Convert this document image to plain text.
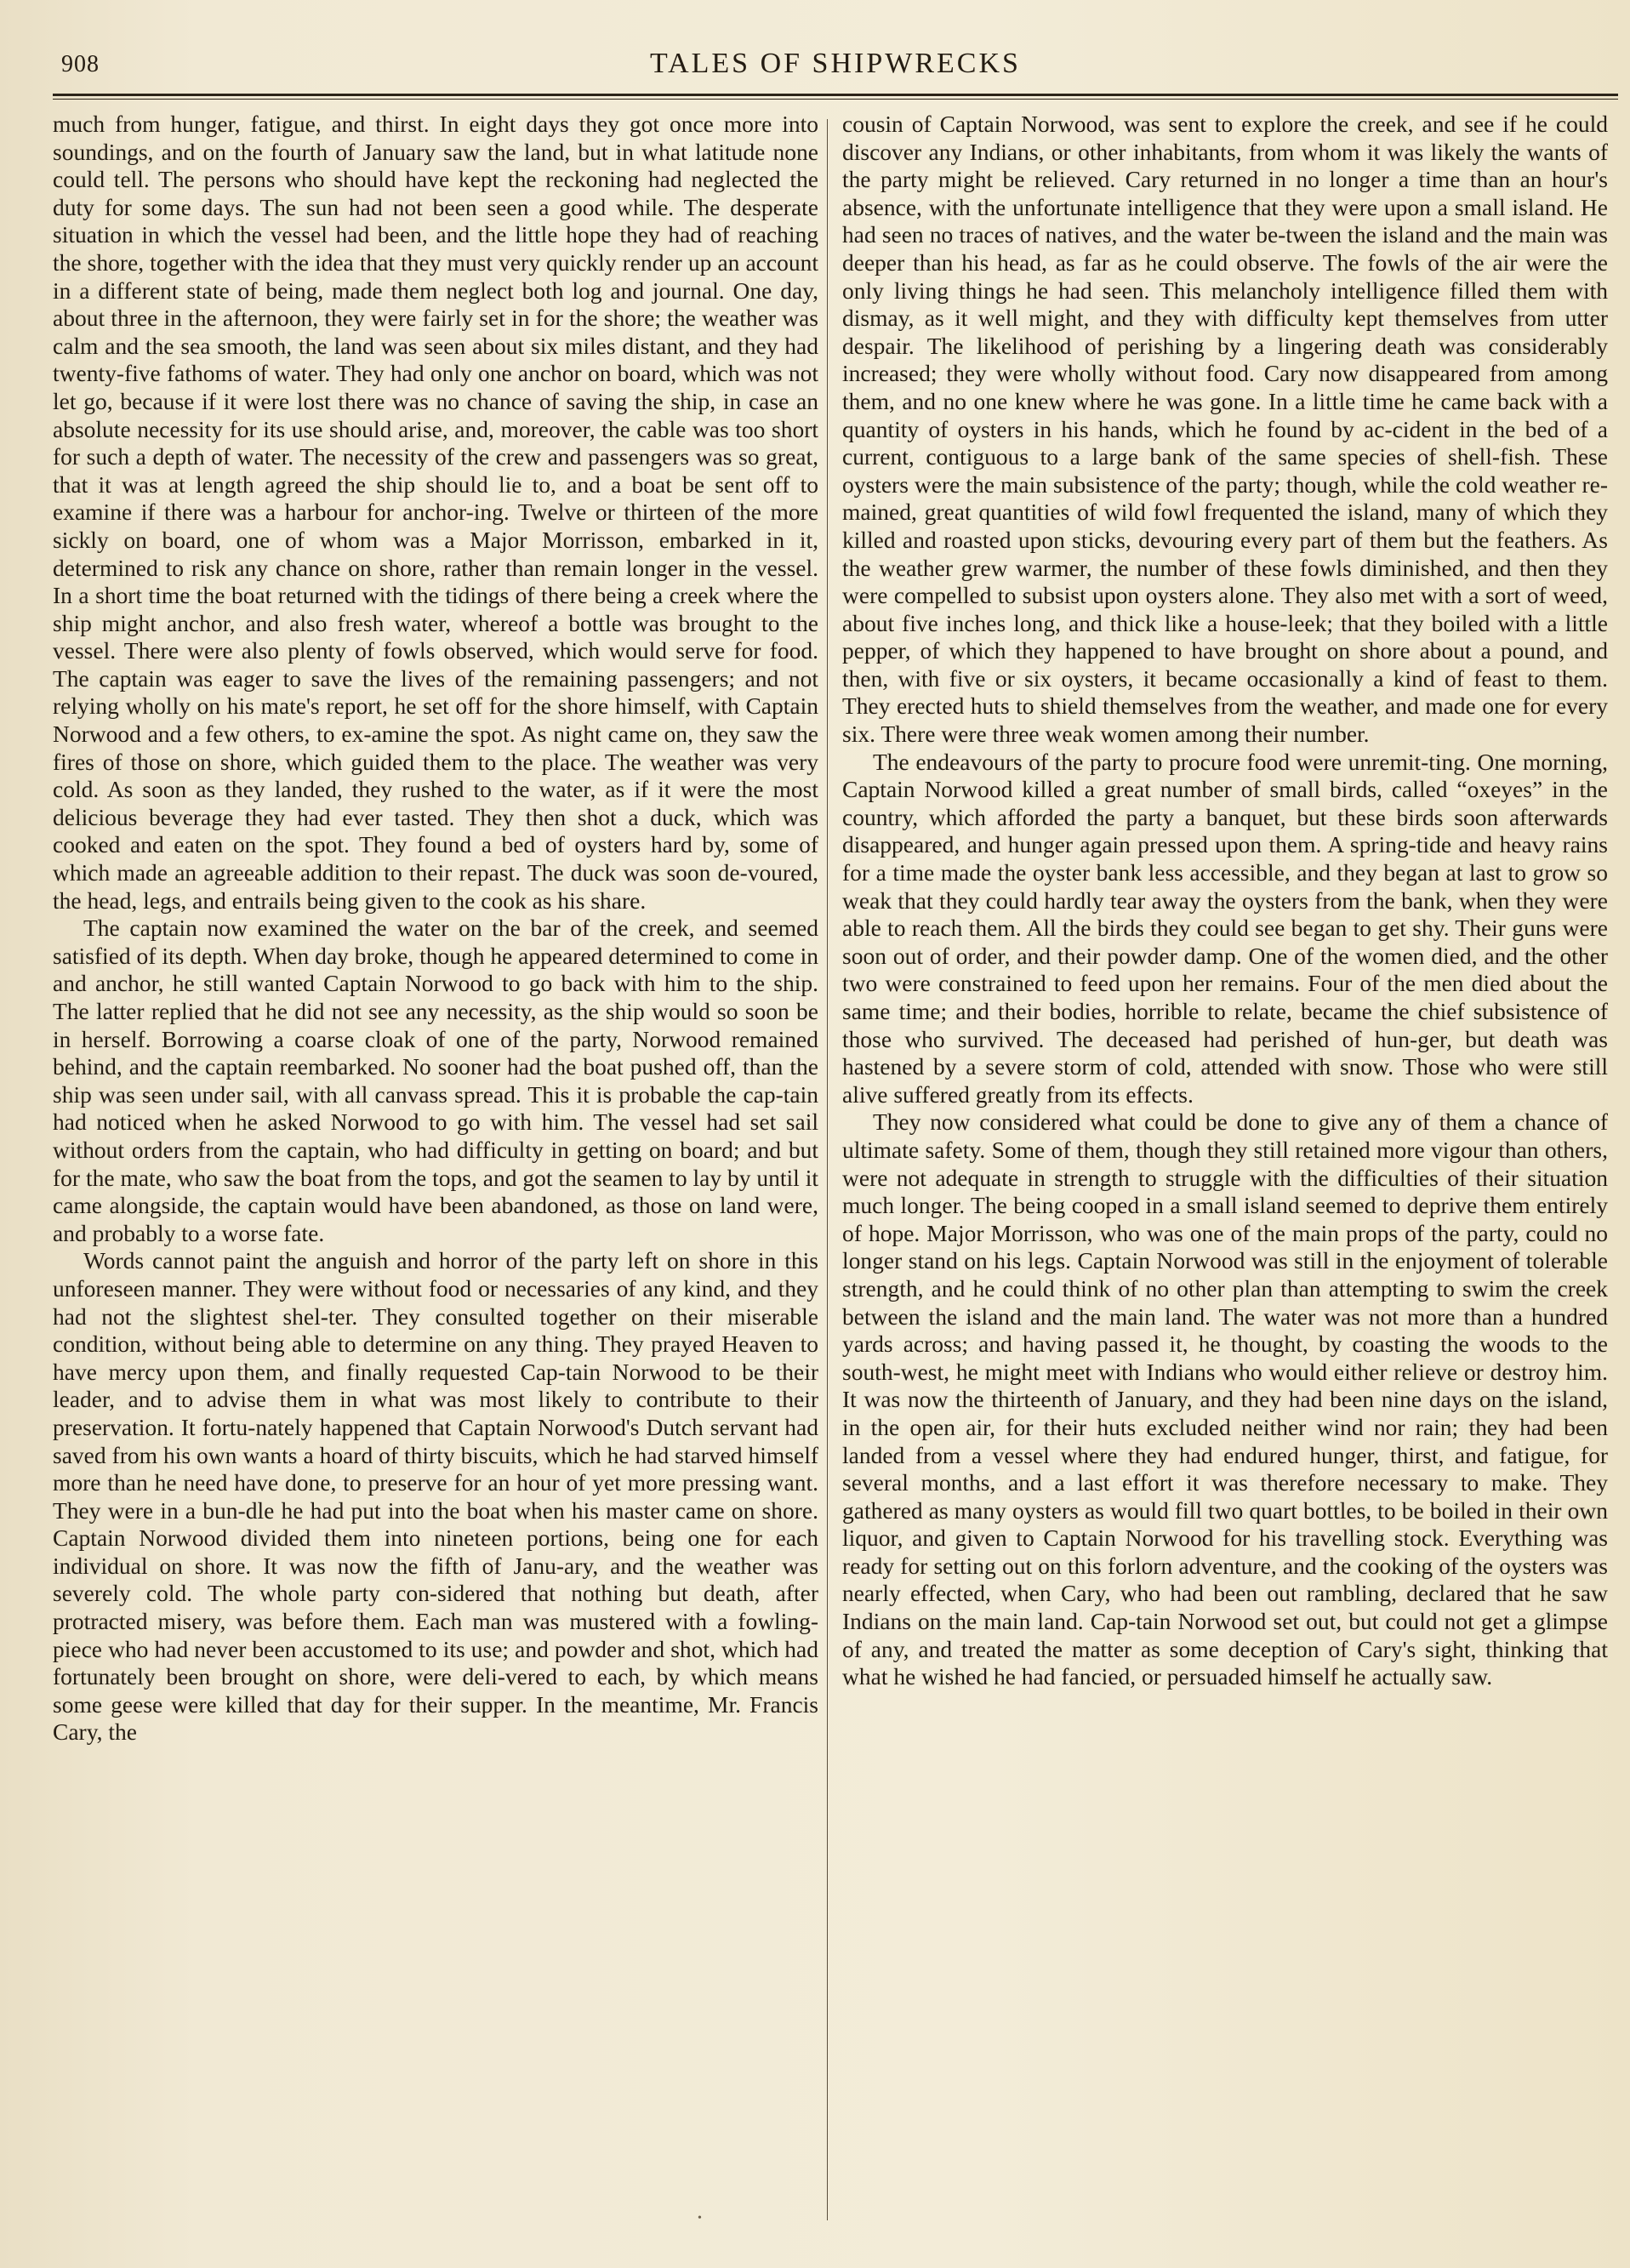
908	TALES OF SHIPWRECKS

much from hunger, fatigue, and thirst. In eight days they got once more into soundings, and on the fourth of January saw the land, but in what latitude none could tell. The persons who should have kept the reckoning had neglected the duty for some days. The sun had not been seen a good while. The desperate situation in which the vessel had been, and the little hope they had of reaching the shore, together with the idea that they must very quickly render up an account in a different state of being, made them neglect both log and journal. One day, about three in the afternoon, they were fairly set in for the shore; the weather was calm and the sea smooth, the land was seen about six miles distant, and they had twenty-five fathoms of water. They had only one anchor on board, which was not let go, because if it were lost there was no chance of saving the ship, in case an absolute necessity for its use should arise, and, moreover, the cable was too short for such a depth of water. The necessity of the crew and passengers was so great, that it was at length agreed the ship should lie to, and a boat be sent off to examine if there was a harbour for anchor-ing. Twelve or thirteen of the more sickly on board, one of whom was a Major Morrisson, embarked in it, determined to risk any chance on shore, rather than remain longer in the vessel. In a short time the boat returned with the tidings of there being a creek where the ship might anchor, and also fresh water, whereof a bottle was brought to the vessel. There were also plenty of fowls observed, which would serve for food. The captain was eager to save the lives of the remaining passengers; and not relying wholly on his mate's report, he set off for the shore himself, with Captain Norwood and a few others, to ex-amine the spot. As night came on, they saw the fires of those on shore, which guided them to the place. The weather was very cold. As soon as they landed, they rushed to the water, as if it were the most delicious beverage they had ever tasted. They then shot a duck, which was cooked and eaten on the spot. They found a bed of oysters hard by, some of which made an agreeable addition to their repast. The duck was soon de-voured, the head, legs, and entrails being given to the cook as his share.

The captain now examined the water on the bar of the creek, and seemed satisfied of its depth. When day broke, though he appeared determined to come in and anchor, he still wanted Captain Norwood to go back with him to the ship. The latter replied that he did not see any necessity, as the ship would so soon be in herself. Borrowing a coarse cloak of one of the party, Norwood remained behind, and the captain reembarked. No sooner had the boat pushed off, than the ship was seen under sail, with all canvass spread. This it is probable the cap-tain had noticed when he asked Norwood to go with him. The vessel had set sail without orders from the captain, who had difficulty in getting on board; and but for the mate, who saw the boat from the tops, and got the seamen to lay by until it came alongside, the captain would have been abandoned, as those on land were, and probably to a worse fate.

Words cannot paint the anguish and horror of the party left on shore in this unforeseen manner. They were without food or necessaries of any kind, and they had not the slightest shel-ter. They consulted together on their miserable condition, without being able to determine on any thing. They prayed Heaven to have mercy upon them, and finally requested Cap-tain Norwood to be their leader, and to advise them in what was most likely to contribute to their preservation. It fortu-nately happened that Captain Norwood's Dutch servant had saved from his own wants a hoard of thirty biscuits, which he had starved himself more than he need have done, to preserve for an hour of yet more pressing want. They were in a bun-dle he had put into the boat when his master came on shore. Captain Norwood divided them into nineteen portions, being one for each individual on shore. It was now the fifth of Janu-ary, and the weather was severely cold. The whole party con-sidered that nothing but death, after protracted misery, was before them. Each man was mustered with a fowling-piece who had never been accustomed to its use; and powder and shot, which had fortunately been brought on shore, were deli-vered to each, by which means some geese were killed that day for their supper. In the meantime, Mr. Francis Cary, the

cousin of Captain Norwood, was sent to explore the creek, and see if he could discover any Indians, or other inhabitants, from whom it was likely the wants of the party might be relieved. Cary returned in no longer a time than an hour's absence, with the unfortunate intelligence that they were upon a small island. He had seen no traces of natives, and the water be-tween the island and the main was deeper than his head, as far as he could observe. The fowls of the air were the only living things he had seen. This melancholy intelligence filled them with dismay, as it well might, and they with difficulty kept themselves from utter despair. The likelihood of perishing by a lingering death was considerably increased; they were wholly without food. Cary now disappeared from among them, and no one knew where he was gone. In a little time he came back with a quantity of oysters in his hands, which he found by ac-cident in the bed of a current, contiguous to a large bank of the same species of shell-fish. These oysters were the main subsistence of the party; though, while the cold weather re-mained, great quantities of wild fowl frequented the island, many of which they killed and roasted upon sticks, devouring every part of them but the feathers. As the weather grew warmer, the number of these fowls diminished, and then they were compelled to subsist upon oysters alone. They also met with a sort of weed, about five inches long, and thick like a house-leek; that they boiled with a little pepper, of which they happened to have brought on shore about a pound, and then, with five or six oysters, it became occasionally a kind of feast to them. They erected huts to shield themselves from the weather, and made one for every six. There were three weak women among their number.

The endeavours of the party to procure food were unremit-ting. One morning, Captain Norwood killed a great number of small birds, called “oxeyes” in the country, which afforded the party a banquet, but these birds soon afterwards disappeared, and hunger again pressed upon them. A spring-tide and heavy rains for a time made the oyster bank less accessible, and they began at last to grow so weak that they could hardly tear away the oysters from the bank, when they were able to reach them. All the birds they could see began to get shy. Their guns were soon out of order, and their powder damp. One of the women died, and the other two were constrained to feed upon her remains. Four of the men died about the same time; and their bodies, horrible to relate, became the chief subsistence of those who survived. The deceased had perished of hun-ger, but death was hastened by a severe storm of cold, attended with snow. Those who were still alive suffered greatly from its effects.

They now considered what could be done to give any of them a chance of ultimate safety. Some of them, though they still retained more vigour than others, were not adequate in strength to struggle with the difficulties of their situation much longer. The being cooped in a small island seemed to deprive them entirely of hope. Major Morrisson, who was one of the main props of the party, could no longer stand on his legs. Captain Norwood was still in the enjoyment of tolerable strength, and he could think of no other plan than attempting to swim the creek between the island and the main land. The water was not more than a hundred yards across; and having passed it, he thought, by coasting the woods to the south-west, he might meet with Indians who would either relieve or destroy him. It was now the thirteenth of January, and they had been nine days on the island, in the open air, for their huts excluded neither wind nor rain; they had been landed from a vessel where they had endured hunger, thirst, and fatigue, for several months, and a last effort it was therefore necessary to make. They gathered as many oysters as would fill two quart bottles, to be boiled in their own liquor, and given to Captain Norwood for his travelling stock. Everything was ready for setting out on this forlorn adventure, and the cooking of the oysters was nearly effected, when Cary, who had been out rambling, declared that he saw Indians on the main land. Cap-tain Norwood set out, but could not get a glimpse of any, and treated the matter as some deception of Cary's sight, thinking that what he wished he had fancied, or persuaded himself he actually saw.

•
